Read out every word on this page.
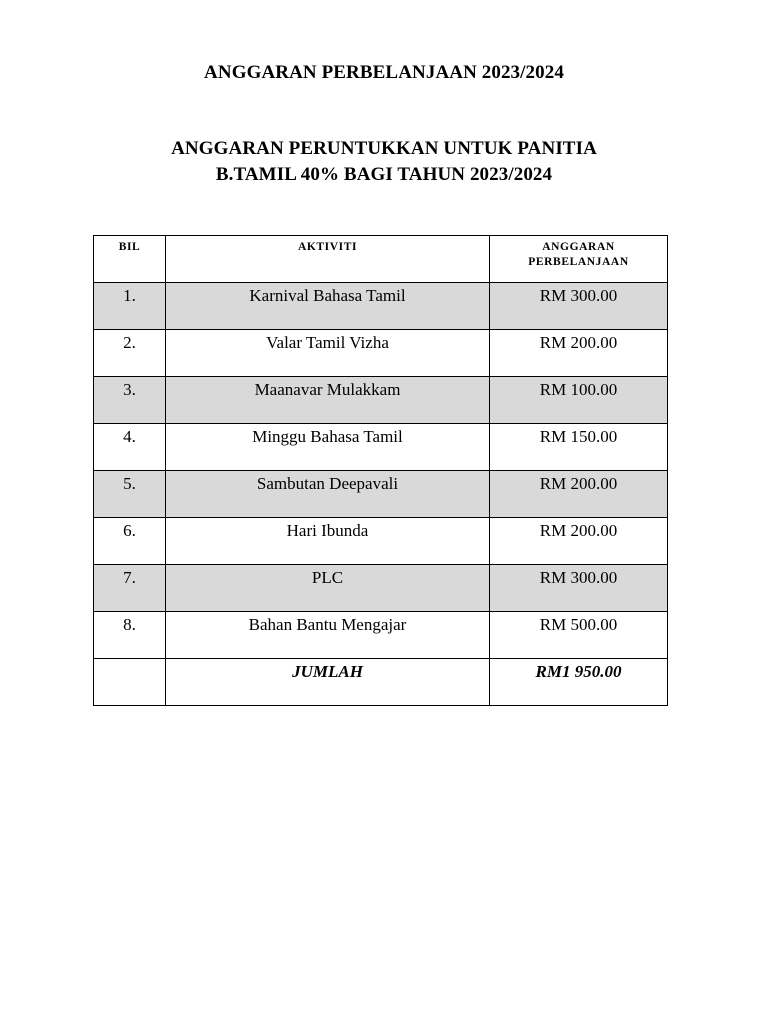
ANGGARAN PERBELANJAAN 2023/2024
ANGGARAN PERUNTUKKAN UNTUK PANITIA
B.TAMIL 40% BAGI TAHUN 2023/2024
BIL	AKTIVITI	ANGGARAN
PERBELANJAAN

1.	Karnival Bahasa Tamil	RM 300.00
2.	Valar Tamil Vizha	RM 200.00
3.	Maanavar Mulakkam	RM 100.00
4.	Minggu Bahasa Tamil	RM 150.00
5.	Sambutan Deepavali	RM 200.00
6.	Hari Ibunda	RM 200.00
7.	PLC	RM 300.00
8.	Bahan Bantu Mengajar	RM 500.00
	JUMLAH	RM1 950.00
